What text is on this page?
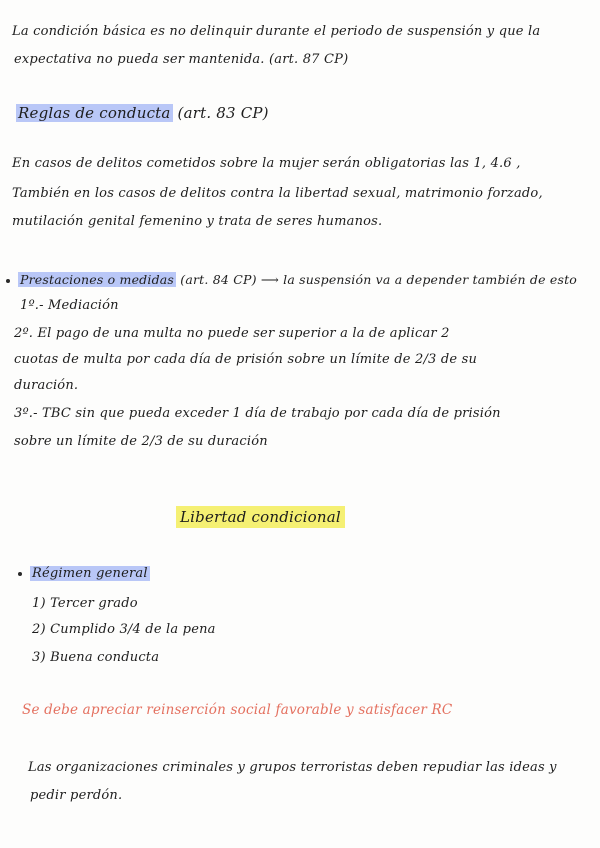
La condición básica es no delinquir durante el periodo de suspensión y que la
expectativa no pueda ser mantenida. (art. 87 CP)
Reglas de conducta (art. 83 CP)
En casos de delitos cometidos sobre la mujer serán obligatorias las 1, 4.6 ,
También en los casos de delitos contra la libertad sexual, matrimonio forzado,
mutilación genital femenino y trata de seres humanos.
Prestaciones o medidas (art. 84 CP) ⟶ la suspensión va a depender también de esto
1º.- Mediación
2º. El pago de una multa no puede ser superior a la de aplicar 2
cuotas de multa por cada día de prisión sobre un límite de 2/3 de su
duración.
3º.- TBC sin que pueda exceder 1 día de trabajo por cada día de prisión
sobre un límite de 2/3 de su duración
Libertad condicional
Régimen general
1) Tercer grado
2) Cumplido 3/4 de la pena
3) Buena conducta
Se debe apreciar reinserción social favorable y satisfacer RC
Las organizaciones criminales y grupos terroristas deben repudiar las ideas y
pedir perdón.
